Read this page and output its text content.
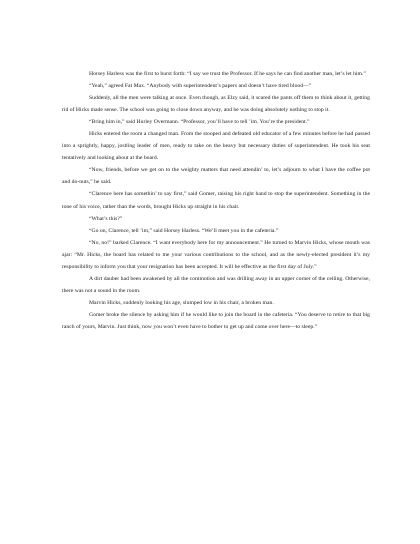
Horsey Harless was the first to burst forth: “I say we trust the Professor. If he says he can find another man, let’s let him.”

“Yeah,” agreed Fat Max. “Anybody with superintendent’s papers and doesn’t have tired blood—”

Suddenly, all the men were talking at once. Even though, as Elzy said, it scared the pants off them to think about it, getting rid of Hicks made sense. The school was going to close down anyway, and he was doing absolutely nothing to stop it.

“Bring him in,” said Hurley Overmann. “Professor, you’ll have to tell ’im. You’re the president.”

Hicks entered the room a changed man. From the stooped and defeated old educator of a few minutes before he had passed into a sprightly, happy, jostling leader of men, ready to take on the heavy but necessary duties of superintendent. He took his seat tentatively and looking about at the board.

“Now, friends, before we get on to the weighty matters that need attendin’ to, let’s adjourn to what I have the coffee pot and do-nuts,” he said.

“Clarence here has somethin’ to say first,” said Gomer, raising his right hand to stop the superintendent. Something in the tone of his voice, rather than the words, brought Hicks up straight in his chair.

“What’s this?”

“Go on, Clarence, tell ’im,” said Horsey Harless. “We’ll meet you in the cafeteria.”

“No, no!” barked Clarence. “I want everybody here for my announcement.” He turned to Marvin Hicks, whose mouth was ajar: “Mr. Hicks, the board has related to me your various contributions to the school, and as the newly-elected president it’s my responsibility to inform you that your resignation has been accepted. It will be effective as the first day of July.”

A dirt dauber had been awakened by all the commotion and was drilling away in an upper corner of the ceiling. Otherwise, there was not a sound in the room.

Marvin Hicks, suddenly looking his age, slumped low in his chair, a broken man.

Gomer broke the silence by asking him if he would like to join the board in the cafeteria. “You deserve to retire to that big ranch of yours, Marvin. Just think, now you won’t even have to bother to get up and come over here—to sleep.”
